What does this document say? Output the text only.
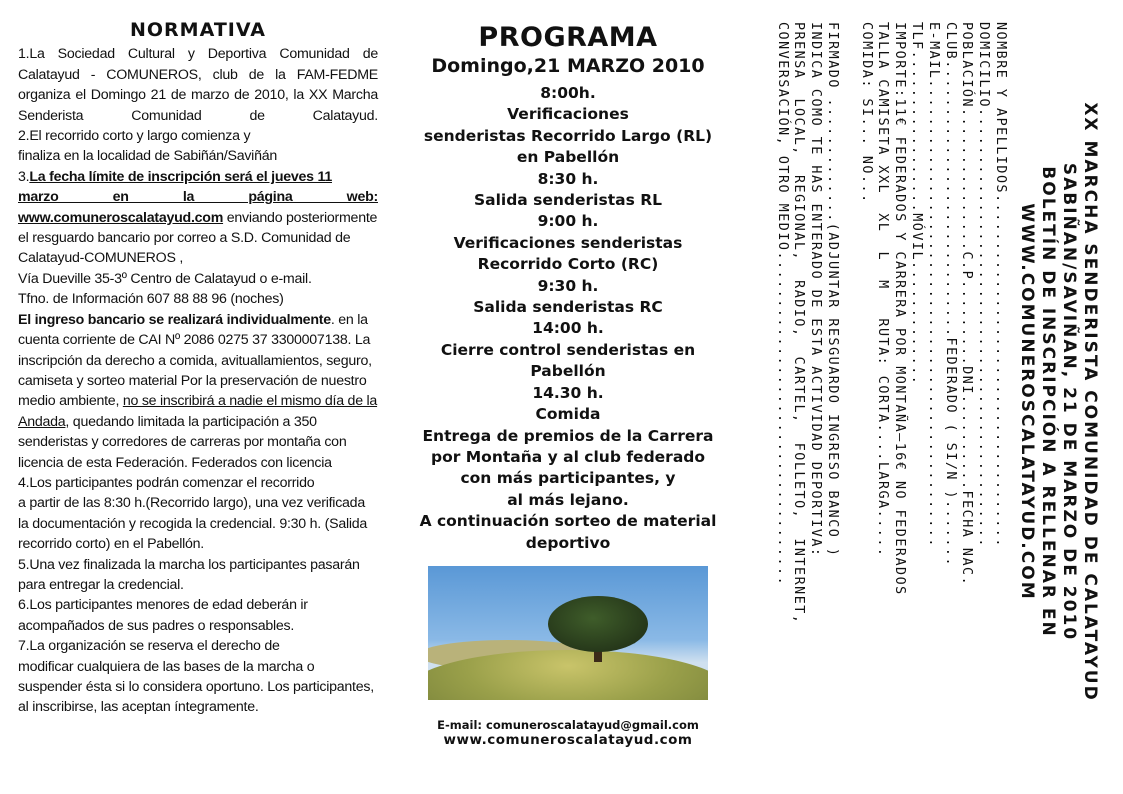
NORMATIVA

1.La Sociedad Cultural y Deportiva Comunidad de Calatayud - COMUNEROS, club de la FAM-FEDME organiza el Domingo 21 de marzo de 2010, la XX Marcha Senderista Comunidad de Calatayud.

2.El recorrido corto y largo comienza y

finaliza en la localidad de Sabiñán/Saviñán

3.La fecha límite de inscripción será el jueves 11

marzo en la página web:

www.comuneroscalatayud.com enviando posteriormente el resguardo bancario por correo a S.D. Comunidad de Calatayud-COMUNEROS ,

Vía Dueville 35-3º Centro de Calatayud o e-mail.

Tfno. de Información 607 88 88 96 (noches)

El ingreso bancario se realizará individualmente. en la cuenta corriente de CAI Nº 2086 0275 37 3300007138. La inscripción da derecho a comida, avituallamientos, seguro, camiseta y sorteo material Por la preservación de nuestro medio ambiente, no se inscribirá a nadie el mismo día de la Andada, quedando limitada la participación a 350 senderistas y corredores de carreras por montaña con licencia de esta Federación. Federados con licencia

4.Los participantes podrán comenzar el recorrido

a partir de las 8:30 h.(Recorrido largo), una vez verificada la documentación y recogida la credencial. 9:30 h. (Salida recorrido corto) en el Pabellón.

5.Una vez finalizada la marcha los participantes pasarán para entregar la credencial.

6.Los participantes menores de edad deberán ir acompañados de sus padres o responsables.

7.La organización se reserva el derecho de

modificar cualquiera de las bases de la marcha o suspender ésta si lo considera oportuno. Los participantes, al inscribirse, las aceptan íntegramente.

PROGRAMA
Domingo,21 MARZO 2010
8:00h.
Verificaciones
senderistas Recorrido Largo (RL)
en Pabellón
8:30 h.
Salida senderistas RL
9:00 h.
Verificaciones senderistas
Recorrido Corto (RC)
9:30 h.
Salida senderistas RC
14:00 h.
Cierre control senderistas en
Pabellón
14.30 h.
Comida
Entrega de premios de la Carrera
por Montaña y al club federado
con más participantes, y
al más lejano.
A continuación sorteo de material
deportivo
E-mail: comuneroscalatayud@gmail.com
www.comuneroscalatayud.com
XX MARCHA SENDERISTA COMUNIDAD DE CALATAYUD
SABIÑAN/SAVIÑAN, 21 DE MARZO DE 2010
BOLETÍN DE INSCRIPCIÓN A RELLENAR EN
WWW.COMUNEROSCALATAYUD.COM
NOMBRE Y APELLIDOS.....................................
DOMICILIO..............................................
POBLACIÓN...............C.P.........DNI..........FECHA NAC.
CLUB.............................FEDERADO ( SI/N ).......
E-MAIL.................................................
TLF.................MÓVIL.............
IMPORTE:11€ FEDERADOS Y CARRERA POR MONTAÑA—16€ NO FEDERADOS
TALLA CAMISETA XXL  XL  L  M   RUTA: CORTA....LARGA.....
COMIDA: SI... NO...

FIRMADO .............(ADJUNTAR RESGUARDO INGRESO BANCO )
INDICA COMO TE HAS ENTERADO DE ESTA ACTIVIDAD DEPORTIVA:
PRENSA  LOCAL,  REGIONAL,  RADIO,  CARTEL,  FOLLETO,  INTERNET,
CONVERSACIÓN, OTRO MEDIO...................................
